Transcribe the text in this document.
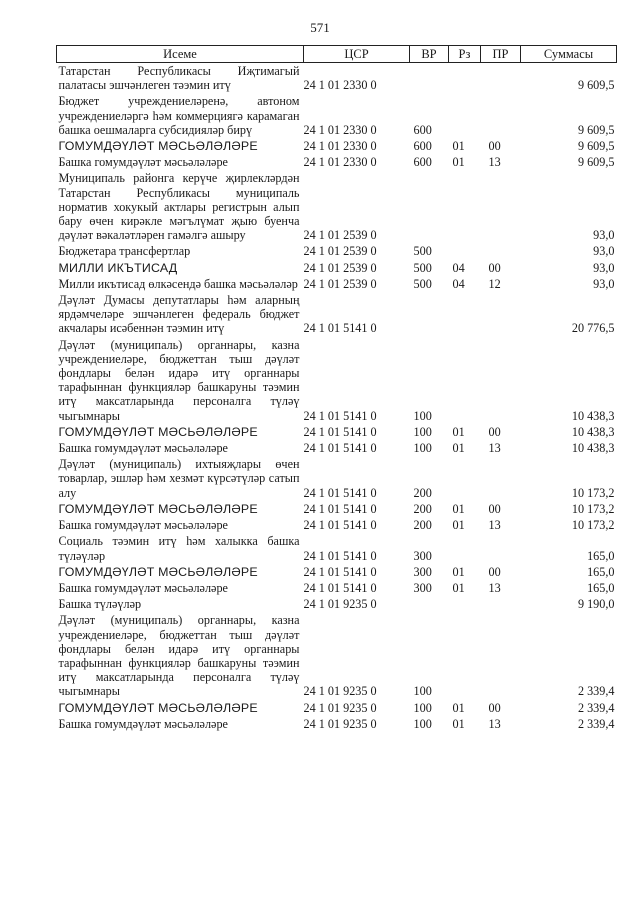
571
Исеме	ЦСР	ВР	Рз	ПР	Суммасы
Татарстан Республикасы Иҗтимагый палатасы эшчәнлеген тәэмин итү	24 1 01 2330 0				9 609,5
Бюджет учреждениеләренә, автоном учреждениеләргә һәм коммерциягә карамаган башка оешмаларга субсидияләр бирү	24 1 01 2330 0	600			9 609,5
ГОМУМДӘҮЛӘТ МӘСЬӘЛӘЛӘРЕ	24 1 01 2330 0	600	01	00	9 609,5
Башка гомумдәүләт мәсьәләләре	24 1 01 2330 0	600	01	13	9 609,5
Муниципаль районга керүче җирлекләрдән Татарстан Республикасы муниципаль норматив хокукый актлары регистрын алып бару өчен кирәкле мәгълүмат җыю буенча дәүләт вәкаләтләрен гамәлгә ашыру	24 1 01 2539 0				93,0
Бюджетара трансфертлар	24 1 01 2539 0	500			93,0
МИЛЛИ ИКЪТИСАД	24 1 01 2539 0	500	04	00	93,0
Милли икътисад өлкәсендә башка мәсьәләләр	24 1 01 2539 0	500	04	12	93,0
Дәүләт Думасы депутатлары һәм аларның ярдәмчеләре эшчәнлеген федераль бюджет акчалары исәбеннән тәэмин итү	24 1 01 5141 0				20 776,5
Дәүләт (муниципаль) органнары, казна учреждениеләре, бюджеттан тыш дәүләт фондлары белән идарә итү органнары тарафыннан функцияләр башкаруны тәэмин итү максатларында персоналга түләү чыгымнары	24 1 01 5141 0	100			10 438,3
ГОМУМДӘҮЛӘТ МӘСЬӘЛӘЛӘРЕ	24 1 01 5141 0	100	01	00	10 438,3
Башка гомумдәүләт мәсьәләләре	24 1 01 5141 0	100	01	13	10 438,3
Дәүләт (муниципаль) ихтыяҗлары өчен товарлар, эшләр һәм хезмәт күрсәтүләр сатып алу	24 1 01 5141 0	200			10 173,2
ГОМУМДӘҮЛӘТ МӘСЬӘЛӘЛӘРЕ	24 1 01 5141 0	200	01	00	10 173,2
Башка гомумдәүләт мәсьәләләре	24 1 01 5141 0	200	01	13	10 173,2
Социаль тәэмин итү һәм халыкка башка түләүләр	24 1 01 5141 0	300			165,0
ГОМУМДӘҮЛӘТ МӘСЬӘЛӘЛӘРЕ	24 1 01 5141 0	300	01	00	165,0
Башка гомумдәүләт мәсьәләләре	24 1 01 5141 0	300	01	13	165,0
Башка түләүләр	24 1 01 9235 0				9 190,0
Дәүләт (муниципаль) органнары, казна учреждениеләре, бюджеттан тыш дәүләт фондлары белән идарә итү органнары тарафыннан функцияләр башкаруны тәэмин итү максатларында персоналга түләү чыгымнары	24 1 01 9235 0	100			2 339,4
ГОМУМДӘҮЛӘТ МӘСЬӘЛӘЛӘРЕ	24 1 01 9235 0	100	01	00	2 339,4
Башка гомумдәүләт мәсьәләләре	24 1 01 9235 0	100	01	13	2 339,4
